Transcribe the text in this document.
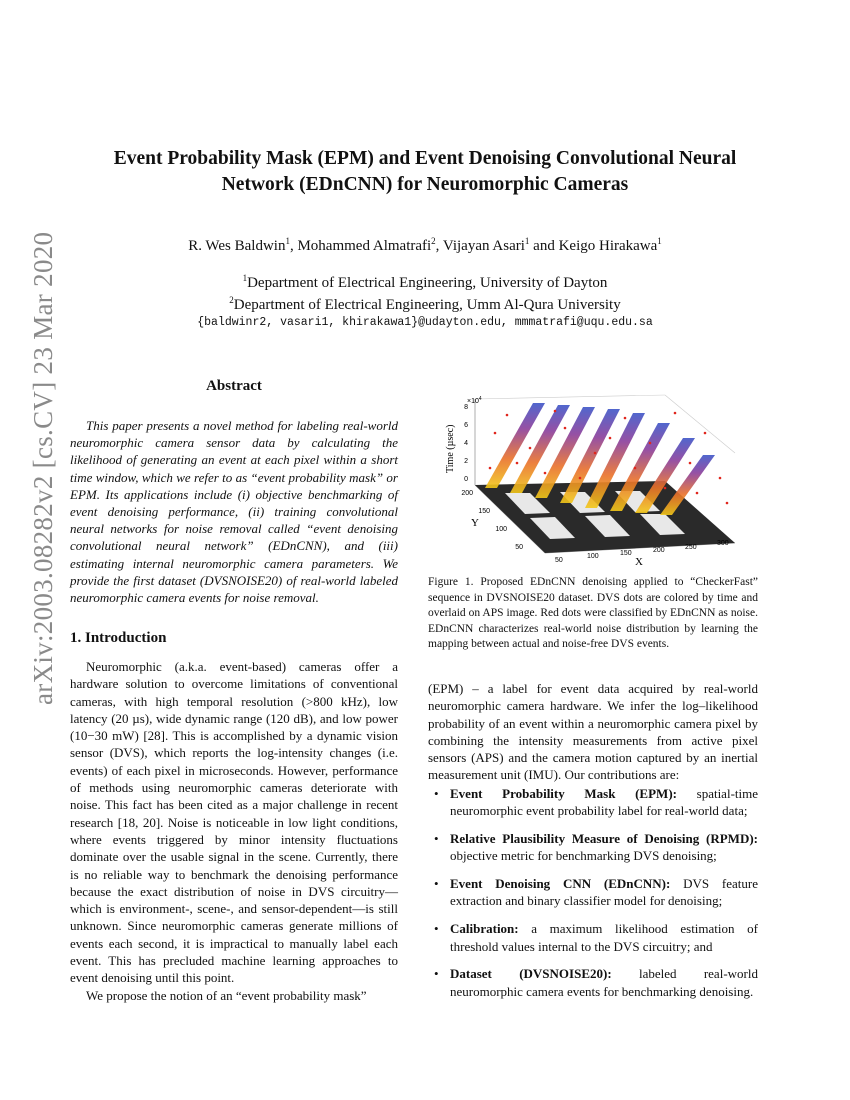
arXiv:2003.08282v2 [cs.CV] 23 Mar 2020
Event Probability Mask (EPM) and Event Denoising Convolutional Neural
Network (EDnCNN) for Neuromorphic Cameras
R. Wes Baldwin$^1$, Mohammed Almatrafi$^2$, Vijayan Asari$^1$ and Keigo Hirakawa$^1$
$^1$Department of Electrical Engineering, University of Dayton
$^2$Department of Electrical Engineering, Umm Al-Qura University
{baldwinr2, vasari1, khirakawa1}@udayton.edu, mmmatrafi@uqu.edu.sa
Abstract
This paper presents a novel method for labeling real-world neuromorphic camera sensor data by calculating the likelihood of generating an event at each pixel within a short time window, which we refer to as “event probability mask” or EPM. Its applications include (i) objective benchmarking of event denoising performance, (ii) training convolutional neural networks for noise removal called “event denoising convolutional neural network” (EDnCNN), and (iii) estimating internal neuromorphic camera parameters. We provide the first dataset (DVSNOISE20) of real-world labeled neuromorphic camera events for noise removal.
1. Introduction

Neuromorphic (a.k.a. event-based) cameras offer a hardware solution to overcome limitations of conventional cameras, with high temporal resolution (>800 kHz), low latency (20 µs), wide dynamic range (120 dB), and low power (10−30 mW) [28]. This is accomplished by a dynamic vision sensor (DVS), which reports the log-intensity changes (i.e. events) of each pixel in microseconds. However, performance of methods using neuromorphic cameras deteriorate with noise. This fact has been cited as a major challenge in recent research [18, 20]. Noise is noticeable in low light conditions, where events triggered by minor intensity fluctuations dominate over the usable signal in the scene. Currently, there is no reliable way to benchmark the denoising performance because the exact distribution of noise in DVS circuitry—which is environment-, scene-, and sensor-dependent—is still unknown. Since neuromorphic cameras generate millions of events each second, it is impractical to manually label each event. This has precluded machine learning approaches to event denoising until this point.

We propose the notion of an “event probability mask”

$\times 10^4$
0
2
4
6
8
Time (µsec)
200
150
100
50
Y
50
100	150	200	250
300
X
Figure 1. Proposed EDnCNN denoising applied to “CheckerFast” sequence in DVSNOISE20 dataset. DVS dots are colored by time and overlaid on APS image. Red dots were classified by EDnCNN as noise. EDnCNN characterizes real-world noise distribution by learning the mapping between actual and noise-free DVS events.
(EPM) – a label for event data acquired by real-world neuromorphic camera hardware. We infer the log–likelihood probability of an event within a neuromorphic camera pixel by combining the intensity measurements from active pixel sensors (APS) and the camera motion captured by an inertial measurement unit (IMU). Our contributions are:
• Event Probability Mask (EPM): spatial-time neuromorphic event probability label for real-world data;
• Relative Plausibility Measure of Denoising (RPMD): objective metric for benchmarking DVS denoising;
• Event Denoising CNN (EDnCNN): DVS feature extraction and binary classifier model for denoising;
• Calibration: a maximum likelihood estimation of threshold values internal to the DVS circuitry; and
• Dataset (DVSNOISE20): labeled real-world neuromorphic camera events for benchmarking denoising.
